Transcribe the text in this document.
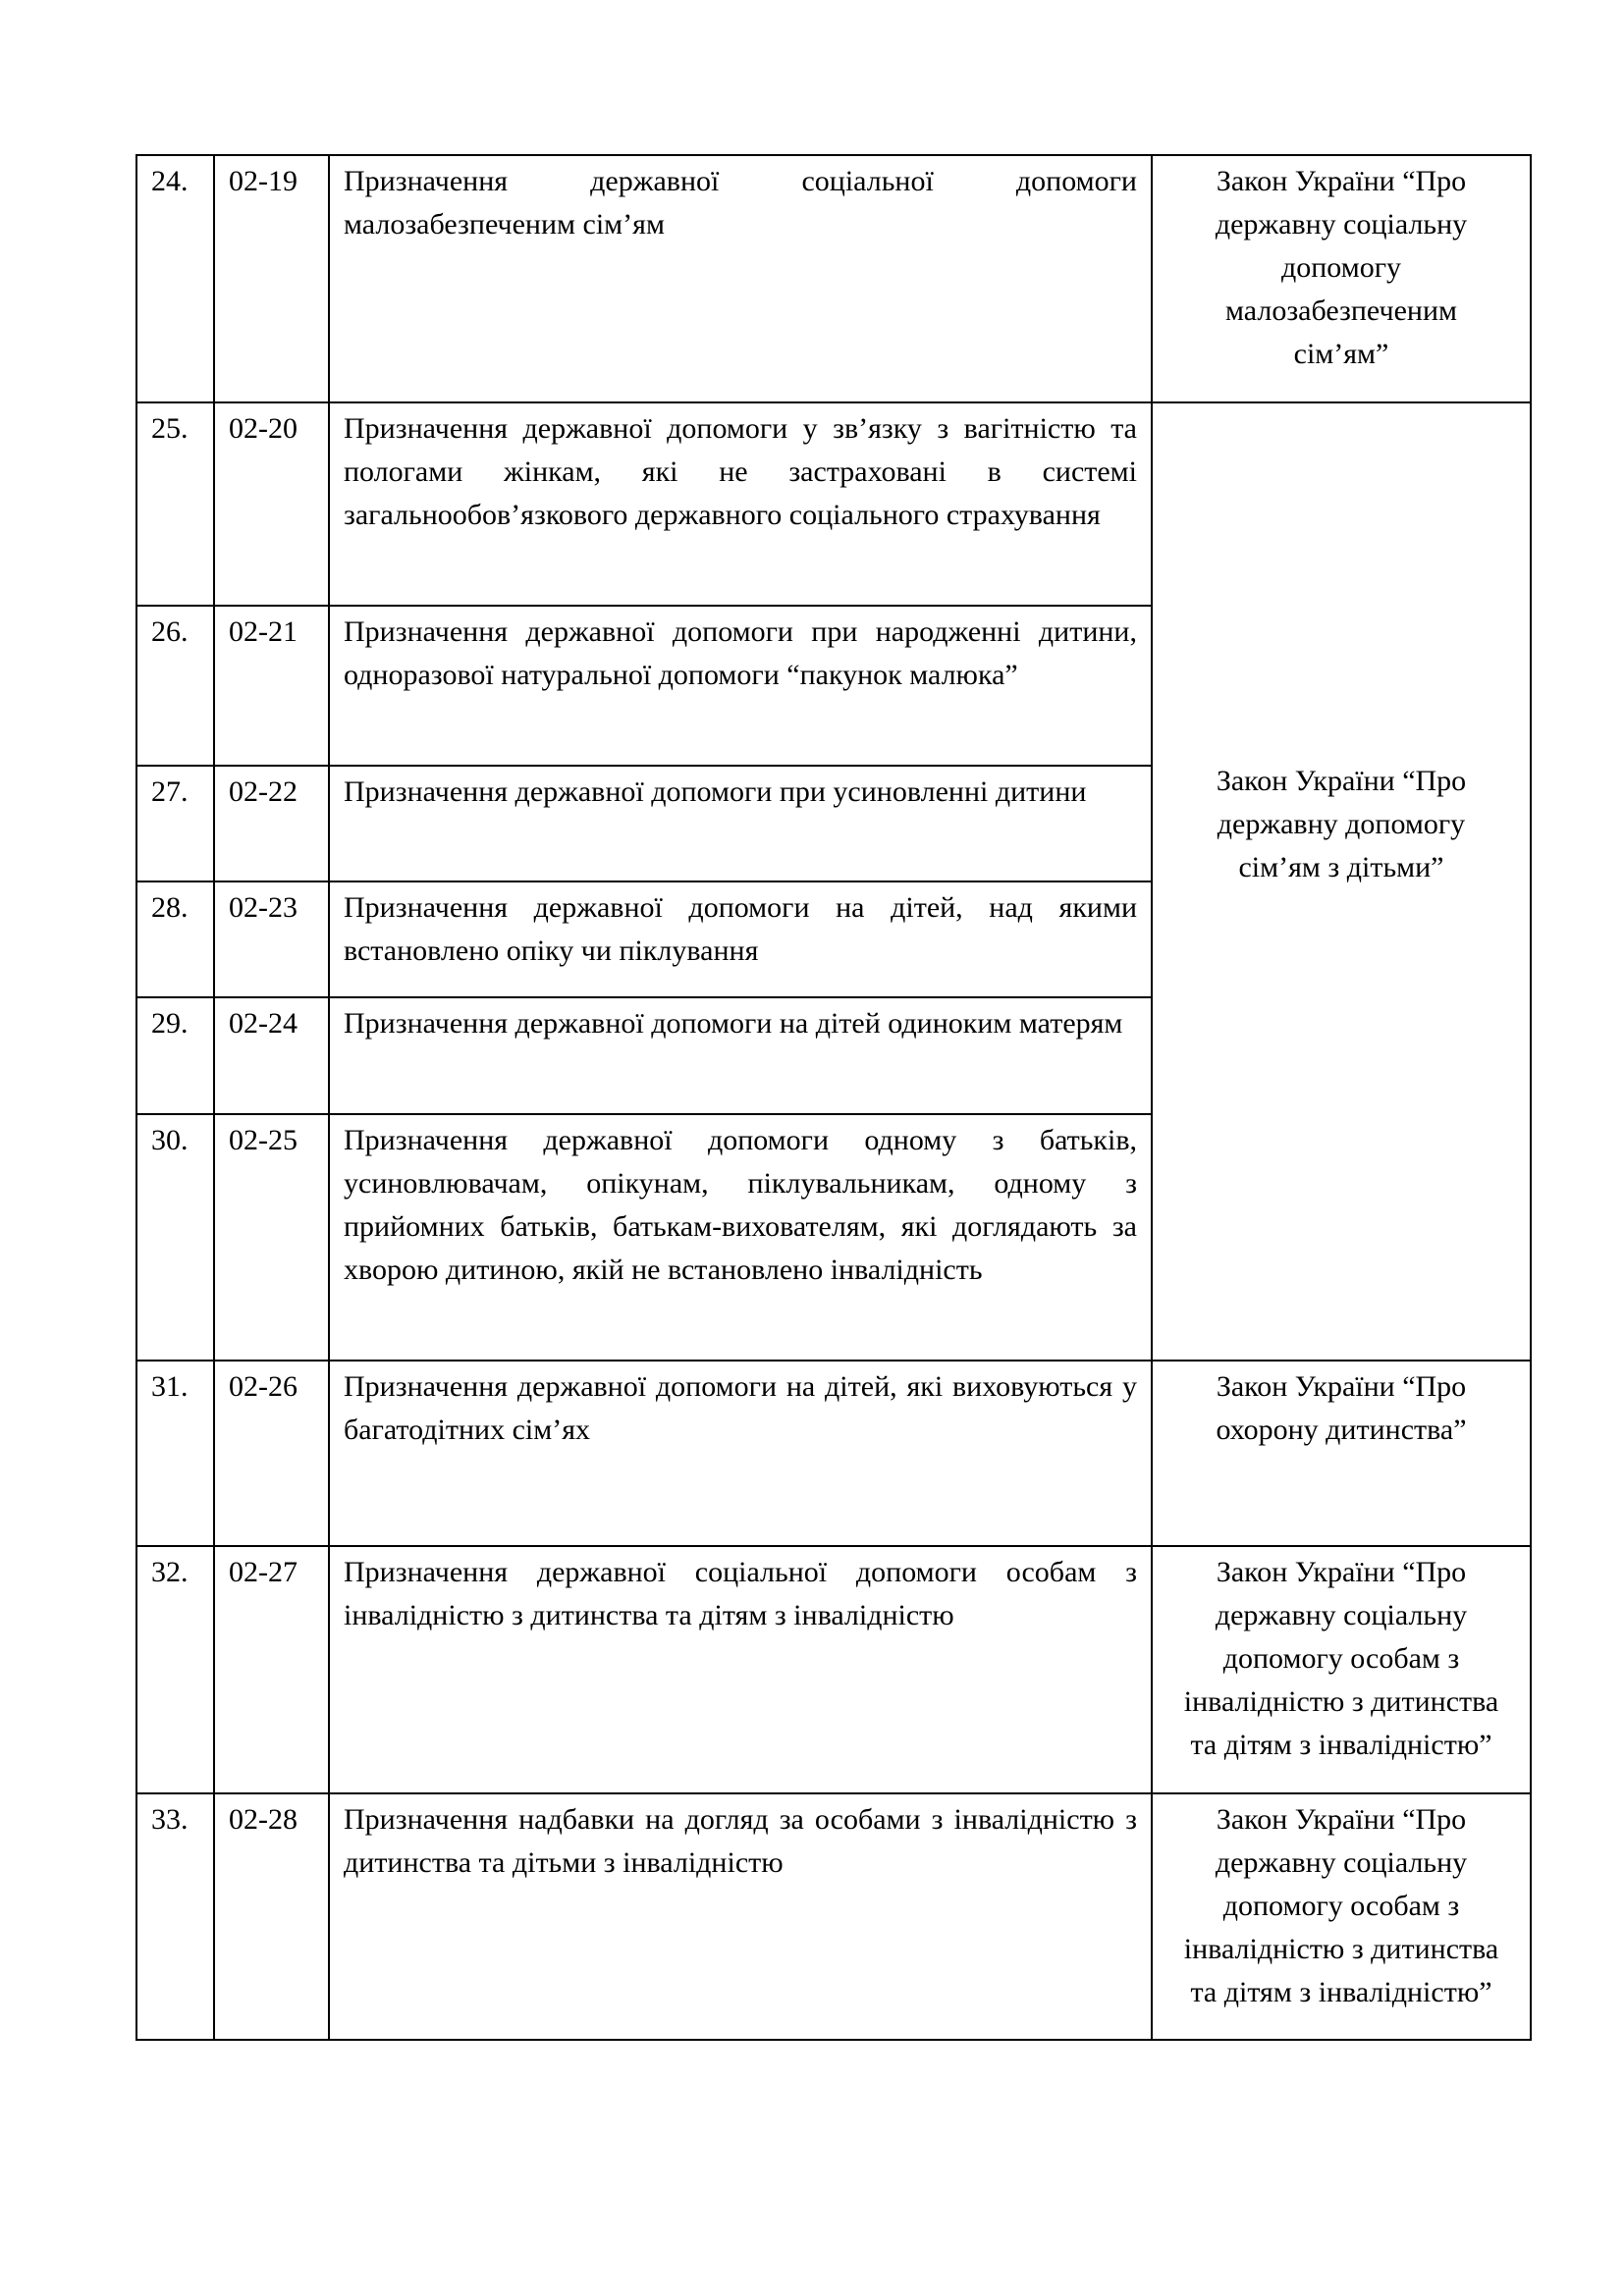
24.	02-19	Призначення державної соціальної допомоги малозабезпеченим сім’ям	Закон України “Про
державну соціальну
допомогу
малозабезпеченим
сім’ям”
25.	02-20	Призначення державної допомоги у зв’язку з вагітністю та пологами жінкам, які не застраховані в системі загальнообов’язкового державного соціального страхування	Закон України “Про
державну допомогу
сім’ям з дітьми”
26.	02-21	Призначення державної допомоги при народженні дитини, одноразової натуральної допомоги “пакунок малюка”	
27.	02-22	Призначення державної допомоги при усиновленні дитини	
28.	02-23	Призначення державної допомоги на дітей, над якими встановлено опіку чи піклування	
29.	02-24	Призначення державної допомоги на дітей одиноким матерям	
30.	02-25	Призначення державної допомоги одному з батьків, усиновлювачам, опікунам, піклувальникам, одному з прийомних батьків, батькам-вихователям, які доглядають за хворою дитиною, якій не встановлено інвалідність	
31.	02-26	Призначення державної допомоги на дітей, які виховуються у багатодітних сім’ях	Закон України “Про
охорону дитинства”
32.	02-27	Призначення державної соціальної допомоги особам з інвалідністю з дитинства та дітям з інвалідністю	Закон України “Про
державну соціальну
допомогу особам з
інвалідністю з дитинства
та дітям з інвалідністю”
33.	02-28	Призначення надбавки на догляд за особами з інвалідністю з дитинства та дітьми з інвалідністю	Закон України “Про
державну соціальну
допомогу особам з
інвалідністю з дитинства
та дітям з інвалідністю”
